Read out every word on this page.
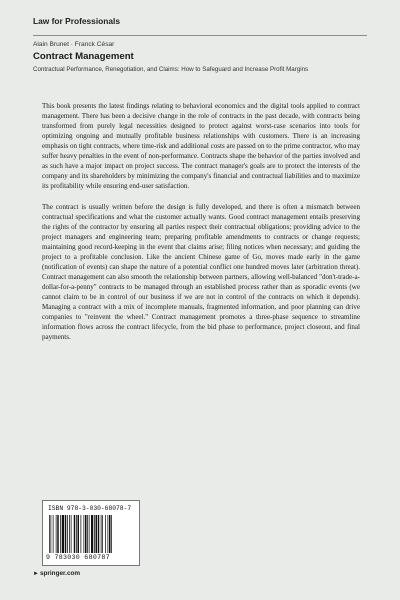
Law for Professionals
Alain Brunet · Franck César
Contract Management
Contractual Performance, Renegotiation, and Claims: How to Safeguard and Increase Profit Margins

This book presents the latest findings relating to behavioral economics and the digital tools applied to contract management. There has been a decisive change in the role of contracts in the past decade, with contracts being transformed from purely legal necessities designed to protect against worst-case scenarios into tools for optimizing ongoing and mutually profitable business relationships with customers. There is an increasing emphasis on tight contracts, where time-risk and additional costs are passed on to the prime contractor, who may suffer heavy penalties in the event of non-performance. Contracts shape the behavior of the parties involved and as such have a major impact on project success. The contract manager's goals are to protect the interests of the company and its shareholders by minimizing the company's financial and contractual liabilities and to maximize its profitability while ensuring end-user satisfaction.

The contract is usually written before the design is fully developed, and there is often a mismatch between contractual specifications and what the customer actually wants. Good contract management entails preserving the rights of the contractor by ensuring all parties respect their contractual obligations; providing advice to the project managers and engineering team; preparing profitable amendments to contracts or change requests; maintaining good record-keeping in the event that claims arise; filing notices when necessary; and guiding the project to a profitable conclusion. Like the ancient Chinese game of Go, moves made early in the game (notification of events) can shape the nature of a potential conflict one hundred moves later (arbitration threat). Contract management can also smooth the relationship between partners, allowing well-balanced "don't-trade-a-dollar-for-a-penny" contracts to be managed through an established process rather than as sporadic events (we cannot claim to be in control of our business if we are not in control of the contracts on which it depends). Managing a contract with a mix of incomplete manuals, fragmented information, and poor planning can drive companies to "reinvent the wheel." Contract management promotes a three-phase sequence to streamline information flows across the contract lifecycle, from the bid phase to performance, project closeout, and final payments.

ISBN 978-3-030-68078-7
9 783030 680787
►springer.com
